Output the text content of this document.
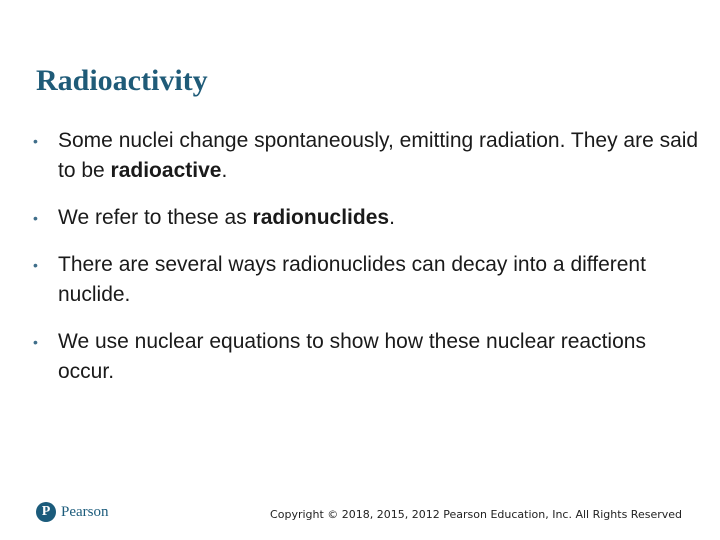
Radioactivity
• Some nuclei change spontaneously, emitting radiation. They are said to be radioactive.
• We refer to these as radionuclides.
• There are several ways radionuclides can decay into a different nuclide.
• We use nuclear equations to show how these nuclear reactions occur.
P Pearson	Copyright © 2018, 2015, 2012 Pearson Education, Inc. All Rights Reserved
